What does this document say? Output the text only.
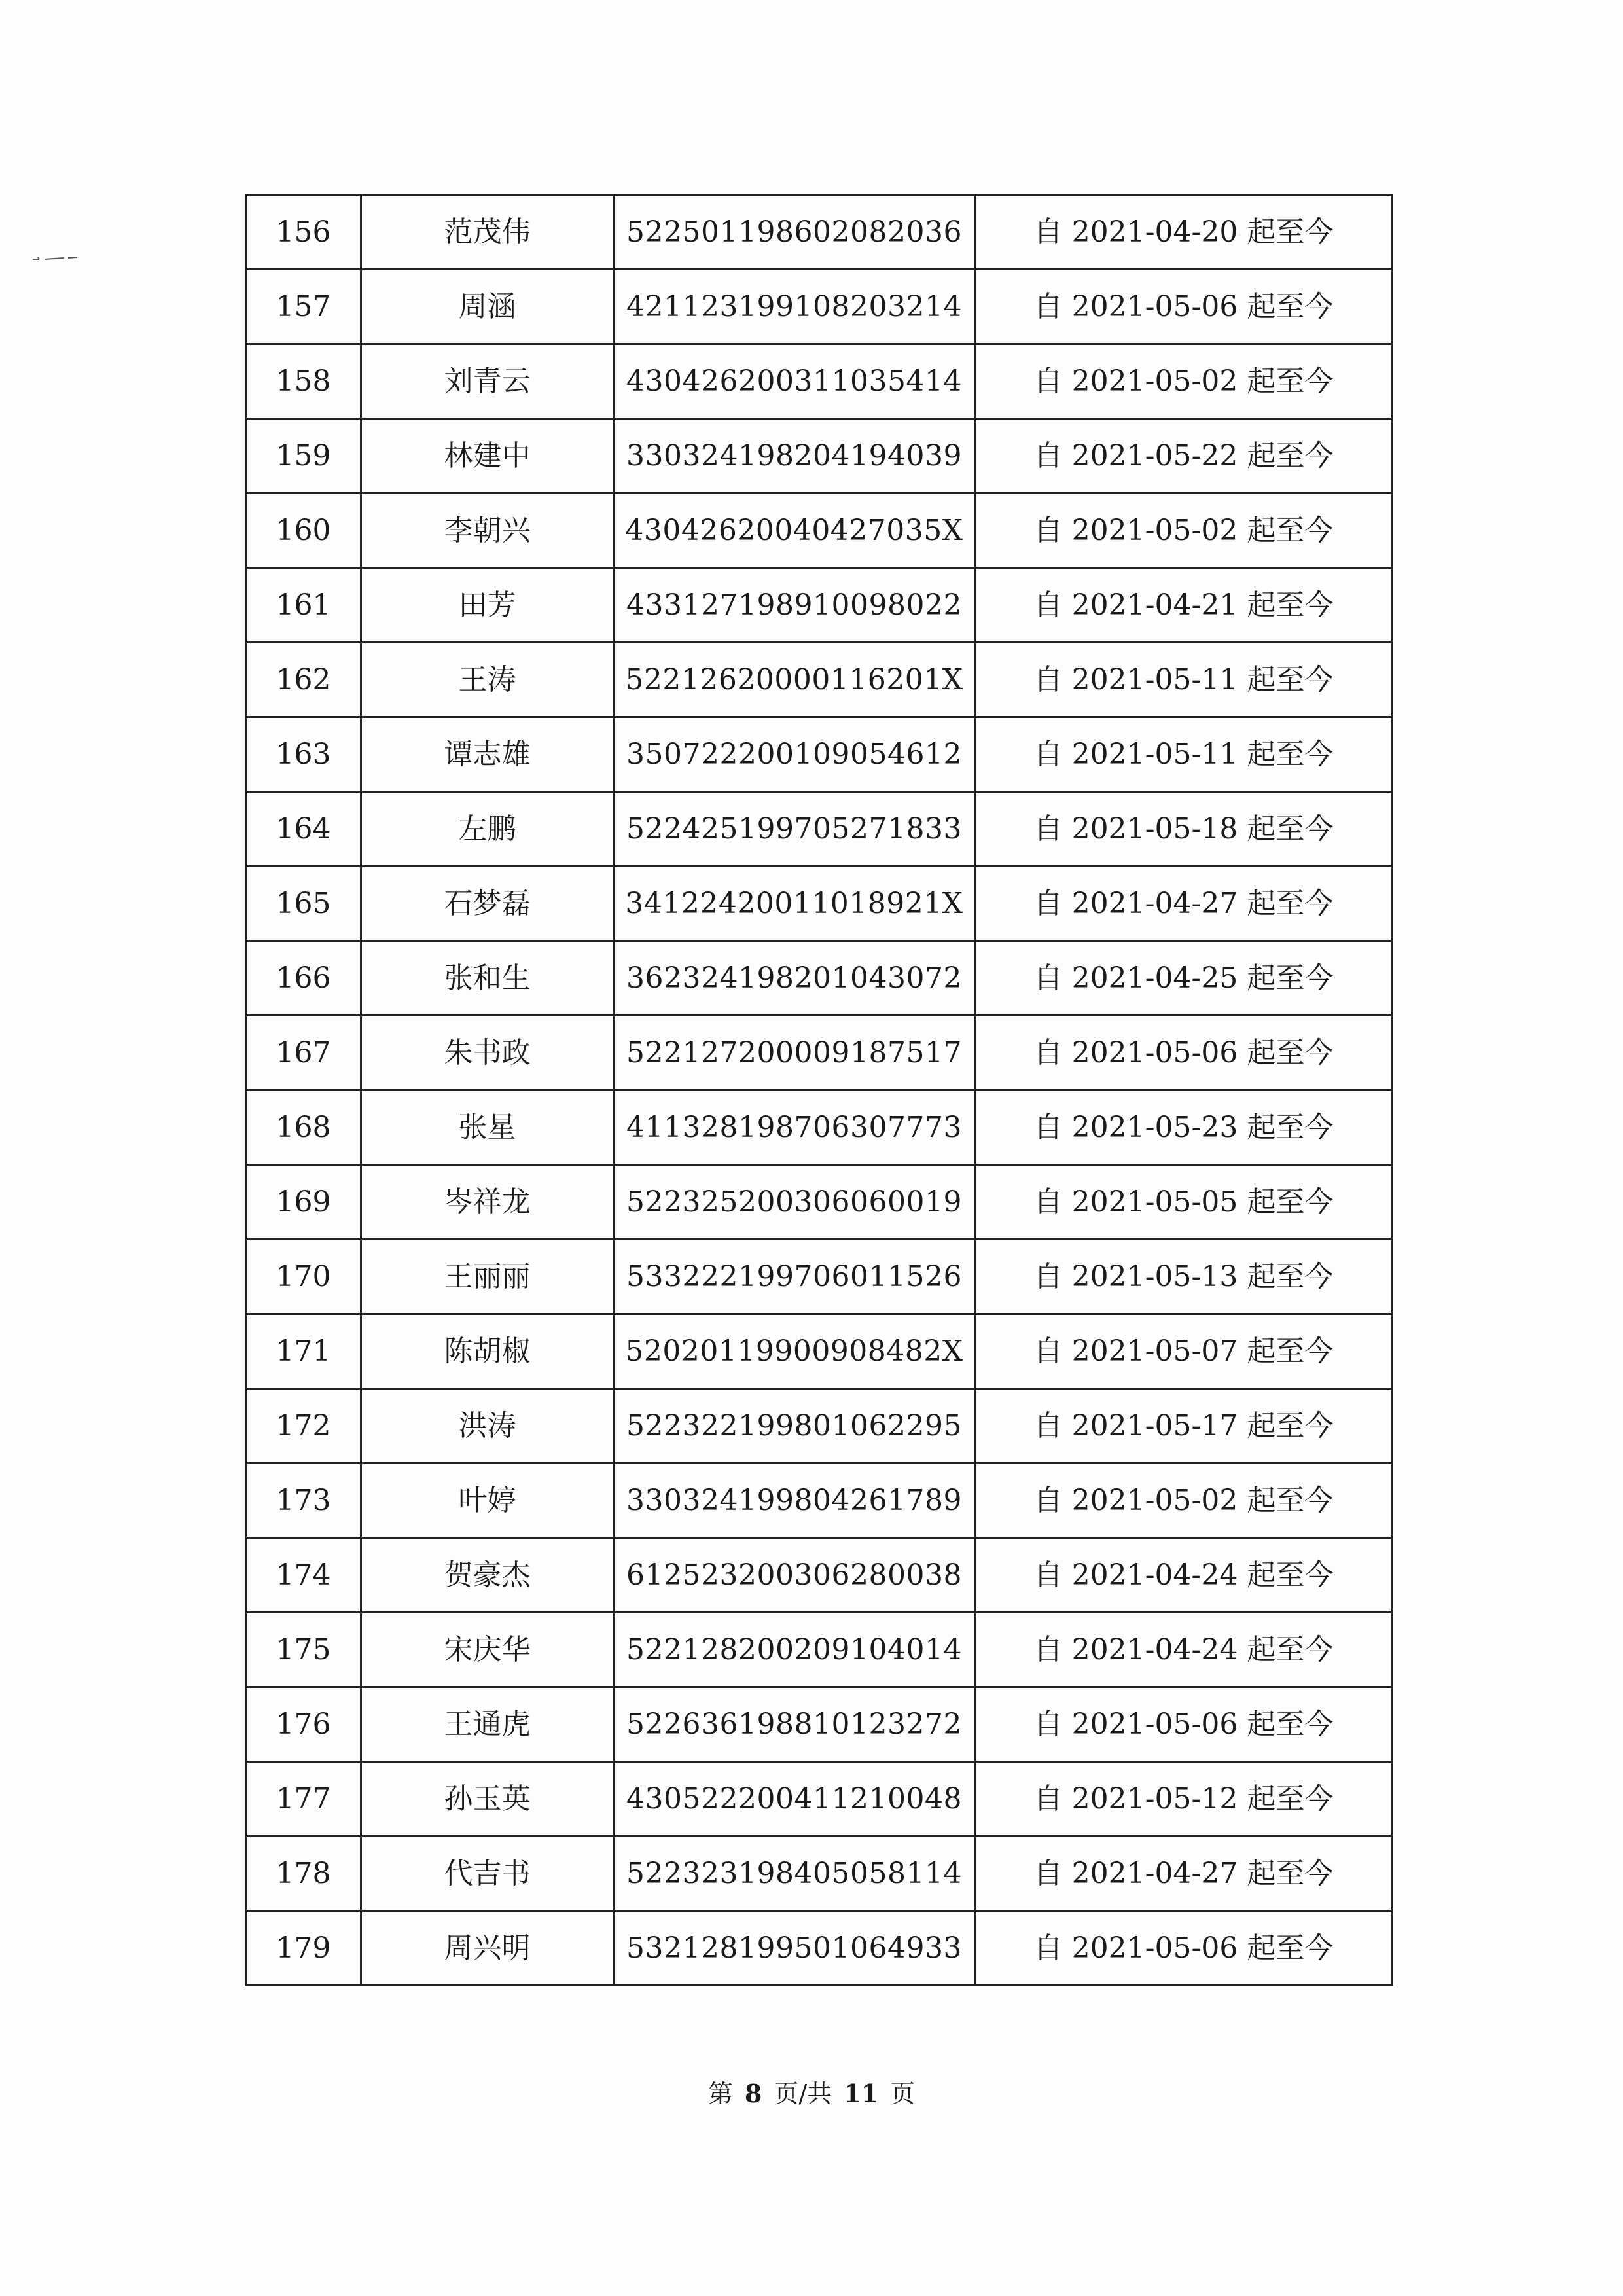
156	范茂伟	522501198602082036	自 2021-04-20 起至今
157	周涵	421123199108203214	自 2021-05-06 起至今
158	刘青云	430426200311035414	自 2021-05-02 起至今
159	林建中	330324198204194039	自 2021-05-22 起至今
160	李朝兴	43042620040427035X	自 2021-05-02 起至今
161	田芳	433127198910098022	自 2021-04-21 起至今
162	王涛	52212620000116201X	自 2021-05-11 起至今
163	谭志雄	350722200109054612	自 2021-05-11 起至今
164	左鹏	522425199705271833	自 2021-05-18 起至今
165	石梦磊	34122420011018921X	自 2021-04-27 起至今
166	张和生	362324198201043072	自 2021-04-25 起至今
167	朱书政	522127200009187517	自 2021-05-06 起至今
168	张星	411328198706307773	自 2021-05-23 起至今
169	岑祥龙	522325200306060019	自 2021-05-05 起至今
170	王丽丽	533222199706011526	自 2021-05-13 起至今
171	陈胡椒	52020119900908482X	自 2021-05-07 起至今
172	洪涛	522322199801062295	自 2021-05-17 起至今
173	叶婷	330324199804261789	自 2021-05-02 起至今
174	贺豪杰	612523200306280038	自 2021-04-24 起至今
175	宋庆华	522128200209104014	自 2021-04-24 起至今
176	王通虎	522636198810123272	自 2021-05-06 起至今
177	孙玉英	430522200411210048	自 2021-05-12 起至今
178	代吉书	522323198405058114	自 2021-04-27 起至今
179	周兴明	532128199501064933	自 2021-05-06 起至今
第 8 页/共 11 页
